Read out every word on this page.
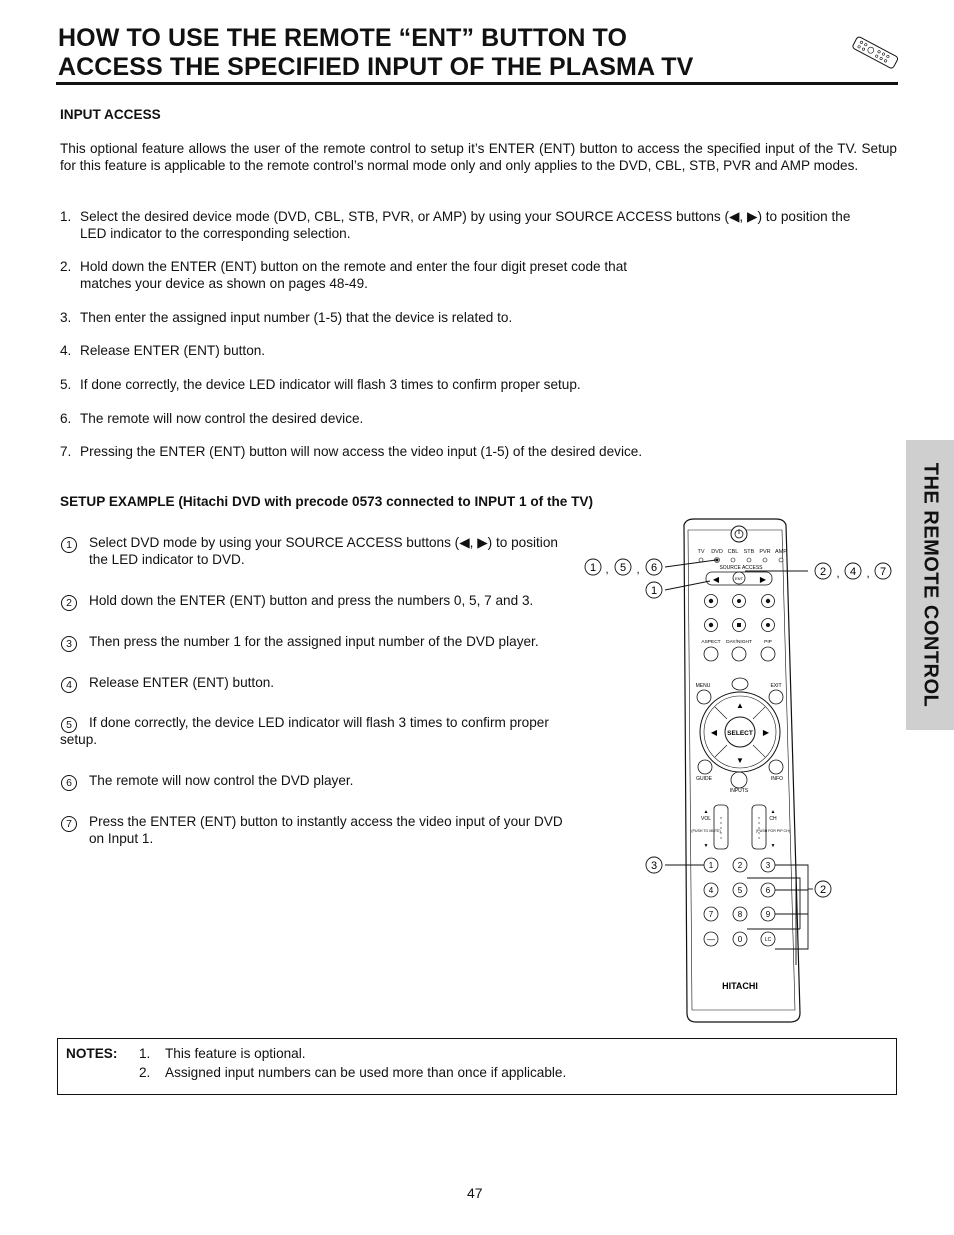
HOW TO USE THE REMOTE “ENT” BUTTON TO
ACCESS THE SPECIFIED INPUT OF THE PLASMA TV
THE REMOTE CONTROL
INPUT ACCESS
This optional feature allows the user of the remote control to setup it’s ENTER (ENT) button to access the specified input of the TV. Setup for this feature is applicable to the remote control’s normal mode only and only applies to the DVD, CBL, STB, PVR and AMP modes.
1. Select the desired device mode (DVD, CBL, STB, PVR, or AMP) by using your SOURCE ACCESS buttons (◀, ▶) to position the
LED indicator to the corresponding selection.
2. Hold down the ENTER (ENT) button on the remote and enter the four digit preset code that
matches your device as shown on pages 48-49.
3. Then enter the assigned input number (1-5) that the device is related to.
4. Release ENTER (ENT) button.
5. If done correctly, the device LED indicator will flash 3 times to confirm proper setup.
6. The remote will now control the desired device.
7. Pressing the ENTER (ENT) button will now access the video input (1-5) of the desired device.
SETUP EXAMPLE (Hitachi DVD with precode 0573 connected to INPUT 1 of the TV)
1	Select DVD mode by using your SOURCE ACCESS buttons (◀, ▶) to position
the LED indicator to DVD.
2	Hold down the ENTER (ENT) button and press the numbers 0, 5, 7 and 3.
3	Then press the number 1 for the assigned input number of the DVD player.
4	Release ENTER (ENT) button.
5	If done correctly, the device LED indicator will flash 3 times to confirm proper
setup.
6	The remote will now control the DVD player.
7	Press the ENTER (ENT) button to instantly access the video input of your DVD
on Input 1.
TV DVD CBL STB PVR AMP
SOURCE ACCESS
◀	▶
ENT
ASPECT DAY/NIGHT	PIP
MENU	EXIT
GUIDE	INFO
INPUTS
▲
▼
◀	▶
SELECT
▲
▼
▲
▼
VOL	CH
(PUSH TO MUTE)	(PUSH FOR PIP CH)
1	2	3
4	5	6
7	8	9
—	0	LC
HITACHI
1 , 5 , 6
1
2 , 4 , 7
3
2
NOTES: 1. This feature is optional.
2. Assigned input numbers can be used more than once if applicable.
47
